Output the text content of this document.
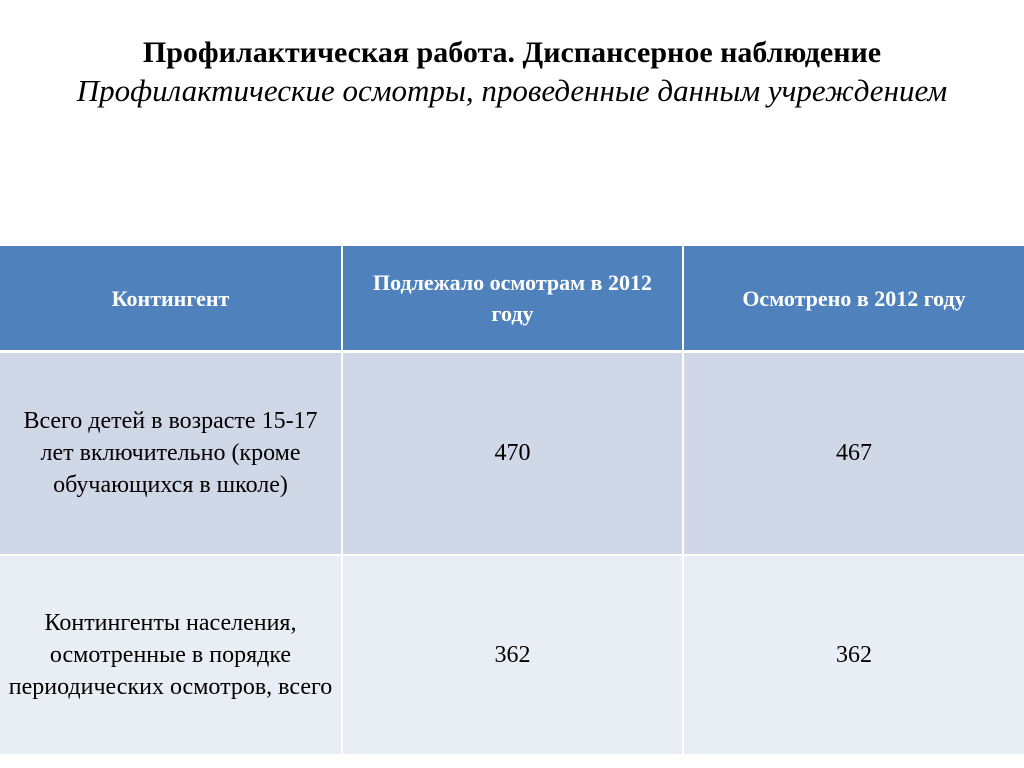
Профилактическая работа. Диспансерное наблюдение

Профилактические осмотры, проведенные данным учреждением

Контингент	Подлежало осмотрам в 2012 году	Осмотрено в 2012 году
Всего детей в возрасте 15-17 лет включительно (кроме обучающихся в школе)	470	467
Контингенты населения, осмотренные в порядке периодических осмотров, всего	362	362
